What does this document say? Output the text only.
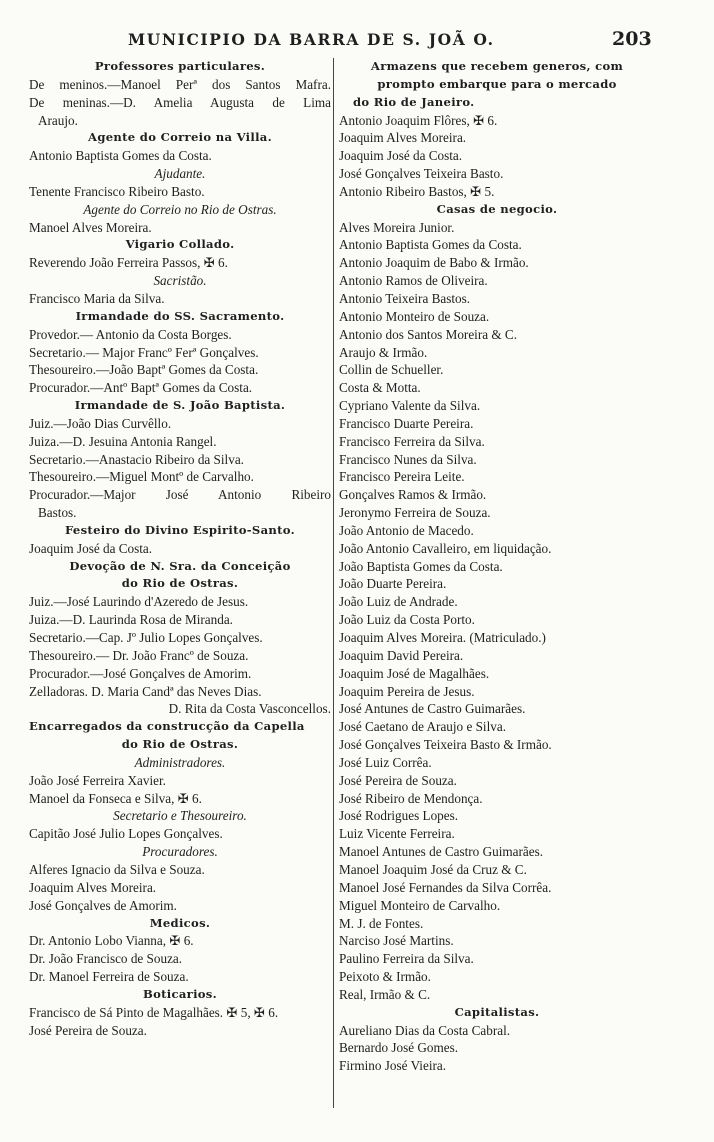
MUNICIPIO DA BARRA DE S. JOÃ O.	203
Professores particulares.
De meninos.—Manoel Perª dos Santos Mafra.
De meninas.—D. Amelia Augusta de Lima
Araujo.
Agente do Correio na Villa.
Antonio Baptista Gomes da Costa.
Ajudante.
Tenente Francisco Ribeiro Basto.
Agente do Correio no Rio de Ostras.
Manoel Alves Moreira.
Vigario Collado.
Reverendo João Ferreira Passos, ✠ 6.
Sacristão.
Francisco Maria da Silva.
Irmandade do SS. Sacramento.
Provedor.— Antonio da Costa Borges.
Secretario.— Major Francº Ferª Gonçalves.
Thesoureiro.—João Baptª Gomes da Costa.
Procurador.—Antº Baptª Gomes da Costa.
Irmandade de S. João Baptista.
Juiz.—João Dias Curvêllo.
Juiza.—D. Jesuina Antonia Rangel.
Secretario.—Anastacio Ribeiro da Silva.
Thesoureiro.—Miguel Montº de Carvalho.
Procurador.—Major José Antonio Ribeiro
Bastos.
Festeiro do Divino Espirito-Santo.
Joaquim José da Costa.
Devoção de N. Sra. da Conceição
do Rio de Ostras.
Juiz.—José Laurindo d'Azeredo de Jesus.
Juiza.—D. Laurinda Rosa de Miranda.
Secretario.—Cap. Jº Julio Lopes Gonçalves.
Thesoureiro.— Dr. João Francº de Souza.
Procurador.—José Gonçalves de Amorim.
Zelladoras. D. Maria Candª das Neves Dias.
D. Rita da Costa Vasconcellos.
Encarregados da construcção da Capella
do Rio de Ostras.
Administradores.
João José Ferreira Xavier.
Manoel da Fonseca e Silva, ✠ 6.
Secretario e Thesoureiro.
Capitão José Julio Lopes Gonçalves.
Procuradores.
Alferes Ignacio da Silva e Souza.
Joaquim Alves Moreira.
José Gonçalves de Amorim.
Medicos.
Dr. Antonio Lobo Vianna, ✠ 6.
Dr. João Francisco de Souza.
Dr. Manoel Ferreira de Souza.
Boticarios.
Francisco de Sá Pinto de Magalhães. ✠ 5, ✠ 6.
José Pereira de Souza.
Armazens que recebem generos, com
prompto embarque para o mercado
do Rio de Janeiro.
Antonio Joaquim Flôres, ✠ 6.
Joaquim Alves Moreira.
Joaquim José da Costa.
José Gonçalves Teixeira Basto.
Antonio Ribeiro Bastos, ✠ 5.
Casas de negocio.
Alves Moreira Junior.
Antonio Baptista Gomes da Costa.
Antonio Joaquim de Babo & Irmão.
Antonio Ramos de Oliveira.
Antonio Teixeira Bastos.
Antonio Monteiro de Souza.
Antonio dos Santos Moreira & C.
Araujo & Irmão.
Collin de Schueller.
Costa & Motta.
Cypriano Valente da Silva.
Francisco Duarte Pereira.
Francisco Ferreira da Silva.
Francisco Nunes da Silva.
Francisco Pereira Leite.
Gonçalves Ramos & Irmão.
Jeronymo Ferreira de Souza.
João Antonio de Macedo.
João Antonio Cavalleiro, em liquidação.
João Baptista Gomes da Costa.
João Duarte Pereira.
João Luiz de Andrade.
João Luiz da Costa Porto.
Joaquim Alves Moreira. (Matriculado.)
Joaquim David Pereira.
Joaquim José de Magalhães.
Joaquim Pereira de Jesus.
José Antunes de Castro Guimarães.
José Caetano de Araujo e Silva.
José Gonçalves Teixeira Basto & Irmão.
José Luiz Corrêa.
José Pereira de Souza.
José Ribeiro de Mendonça.
José Rodrigues Lopes.
Luiz Vicente Ferreira.
Manoel Antunes de Castro Guimarães.
Manoel Joaquim José da Cruz & C.
Manoel José Fernandes da Silva Corrêa.
Miguel Monteiro de Carvalho.
M. J. de Fontes.
Narciso José Martins.
Paulino Ferreira da Silva.
Peixoto & Irmão.
Real, Irmão & C.
Capitalistas.
Aureliano Dias da Costa Cabral.
Bernardo José Gomes.
Firmino José Vieira.
